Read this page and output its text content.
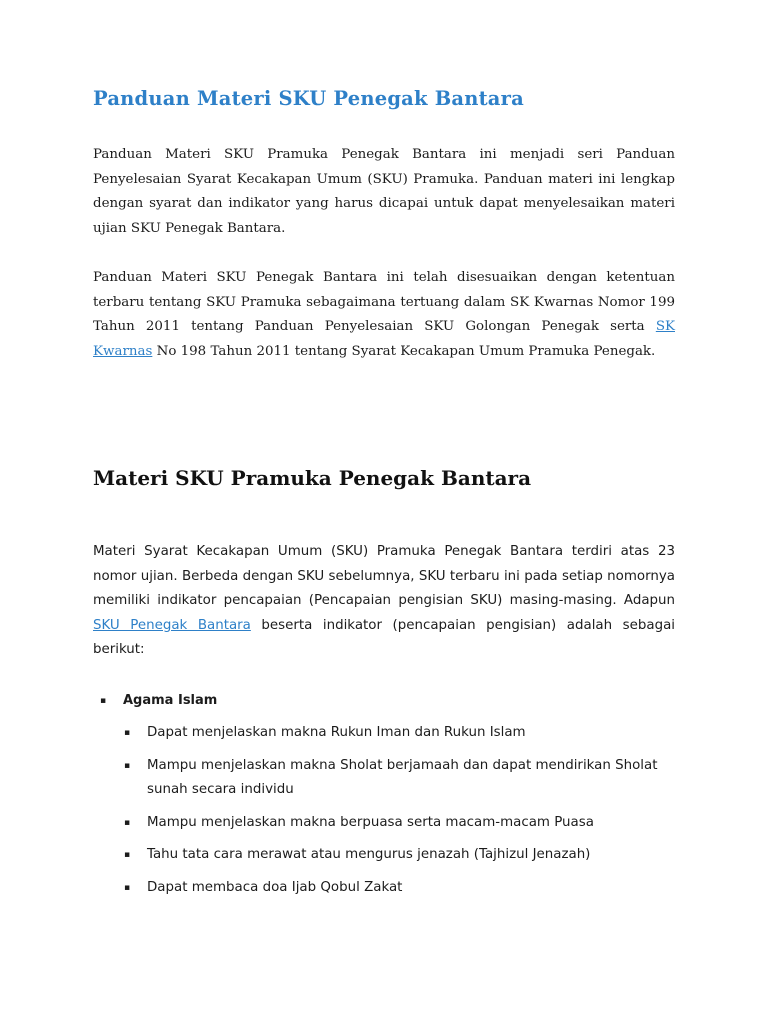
Panduan Materi SKU Penegak Bantara

Panduan Materi SKU Pramuka Penegak Bantara ini menjadi seri Panduan Penyelesaian Syarat Kecakapan Umum (SKU) Pramuka. Panduan materi ini lengkap dengan syarat dan indikator yang harus dicapai untuk dapat menyelesaikan materi ujian SKU Penegak Bantara.

Panduan Materi SKU Penegak Bantara ini telah disesuaikan dengan ketentuan terbaru tentang SKU Pramuka sebagaimana tertuang dalam SK Kwarnas Nomor 199 Tahun 2011 tentang Panduan Penyelesaian SKU Golongan Penegak serta SK Kwarnas No 198 Tahun 2011 tentang Syarat Kecakapan Umum Pramuka Penegak.

Materi SKU Pramuka Penegak Bantara

Materi Syarat Kecakapan Umum (SKU) Pramuka Penegak Bantara terdiri atas 23 nomor ujian. Berbeda dengan SKU sebelumnya, SKU terbaru ini pada setiap nomornya memiliki indikator pencapaian (Pencapaian pengisian SKU) masing-masing. Adapun SKU Penegak Bantara beserta indikator (pencapaian pengisian) adalah sebagai berikut:

▪ Agama Islam
▪ Dapat menjelaskan makna Rukun Iman dan Rukun Islam
▪ Mampu menjelaskan makna Sholat berjamaah dan dapat mendirikan Sholat sunah secara individu
▪ Mampu menjelaskan makna berpuasa serta macam-macam Puasa
▪ Tahu tata cara merawat atau mengurus jenazah (Tajhizul Jenazah)
▪ Dapat membaca doa Ijab Qobul Zakat
